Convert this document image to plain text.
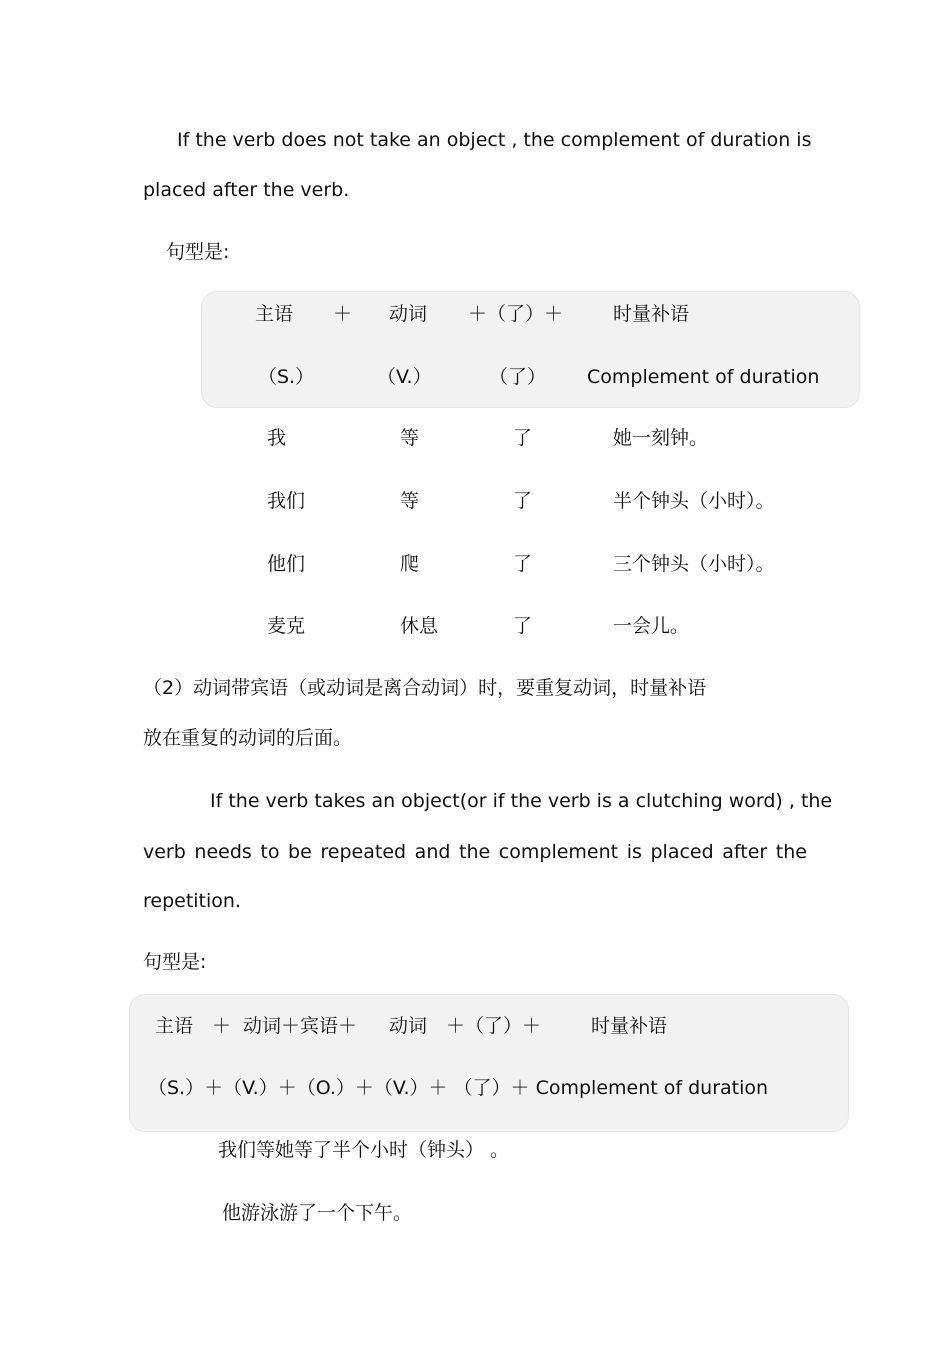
If the verb does not take an object , the complement of duration is
placed after the verb.
句型是:
主语 ＋ 动词 ＋（了）＋	时量补语
（S.）	（V.）	（了） Complement of duration
我	等	了	她一刻钟。
我们	等	了	半个钟头（小时）。
他们	爬	了	三个钟头（小时）。
麦克	休息	了	一会儿。
（2）动词带宾语（或动词是离合动词）时，要重复动词，时量补语
放在重复的动词的后面。
If the verb takes an object(or if the verb is a clutching word) , the
verb needs to be repeated and the complement is placed after the
repetition.
句型是:
主语 ＋ 动词＋宾语＋ 动词 ＋（了）＋	时量补语
（S.）＋（V.）＋（O.）＋（V.）＋ （了）＋ Complement of duration
我们等她等了半个小时（钟头） 。
他游泳游了一个下午。
